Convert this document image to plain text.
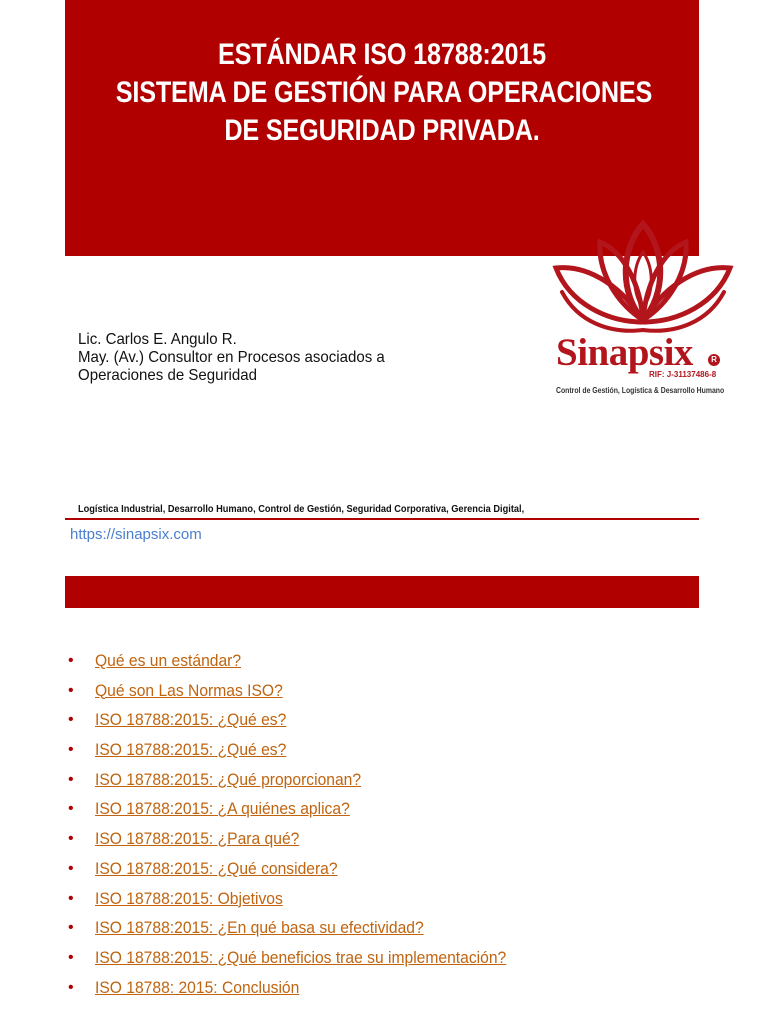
ESTÁNDAR ISO 18788:2015
SISTEMA DE GESTIÓN PARA OPERACIONES
DE SEGURIDAD PRIVADA.
Sinapsix	R
RIF: J-31137486-8
Control de Gestión, Logística & Desarrollo Humano
Lic. Carlos E. Angulo R.
May. (Av.) Consultor en Procesos asociados a
Operaciones de Seguridad
Logística Industrial, Desarrollo Humano, Control de Gestión, Seguridad Corporativa, Gerencia Digital,
https://sinapsix.com
•	Qué es un estándar?
•	Qué son Las Normas ISO?
•	ISO 18788:2015: ¿Qué es?
•	ISO 18788:2015: ¿Qué es?
•	ISO 18788:2015: ¿Qué proporcionan?
•	ISO 18788:2015: ¿A quiénes aplica?
•	ISO 18788:2015: ¿Para qué?
•	ISO 18788:2015: ¿Qué considera?
•	ISO 18788:2015: Objetivos
•	ISO 18788:2015: ¿En qué basa su efectividad?
•	ISO 18788:2015: ¿Qué beneficios trae su implementación?
•	ISO 18788: 2015: Conclusión
